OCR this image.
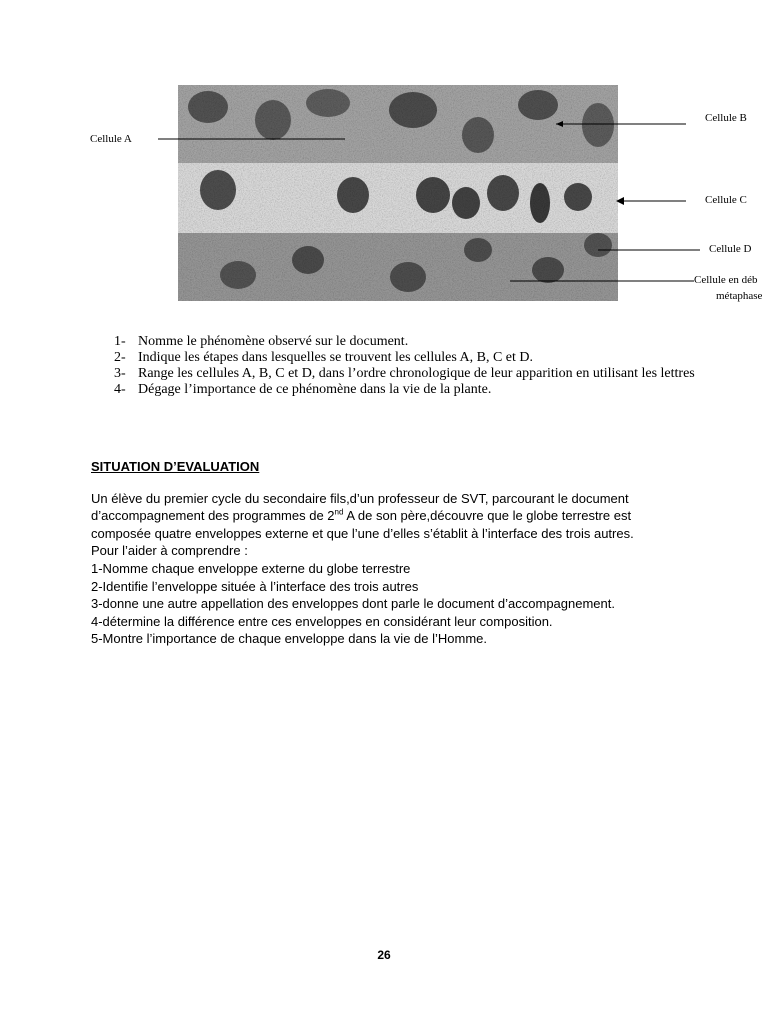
Cellule A
Cellule B
Cellule C
Cellule D
Cellule en déb
métaphase
1- Nomme le phénomène observé sur le document.
2- Indique les étapes dans lesquelles se trouvent les cellules A, B, C et D.
3- Range les cellules A, B, C et D, dans l’ordre chronologique de leur apparition en utilisant les lettres
4- Dégage l’importance de ce phénomène dans la vie de la plante.
SITUATION D’EVALUATION
Un élève du premier cycle du secondaire fils,d’un professeur de SVT, parcourant le document
d’accompagnement des programmes de 2nd A de son père,découvre que le globe terrestre est
composée quatre enveloppes externe et que l’une d’elles s’établit à l’interface des trois autres.
Pour l’aider à comprendre :
1-Nomme chaque enveloppe externe du globe terrestre
2-Identifie l’enveloppe située à l’interface des trois autres
3-donne une autre appellation des enveloppes dont parle le document d’accompagnement.
4-détermine la différence entre ces enveloppes en considérant leur composition.
5-Montre l’importance de chaque enveloppe dans la vie de l’Homme.
26
